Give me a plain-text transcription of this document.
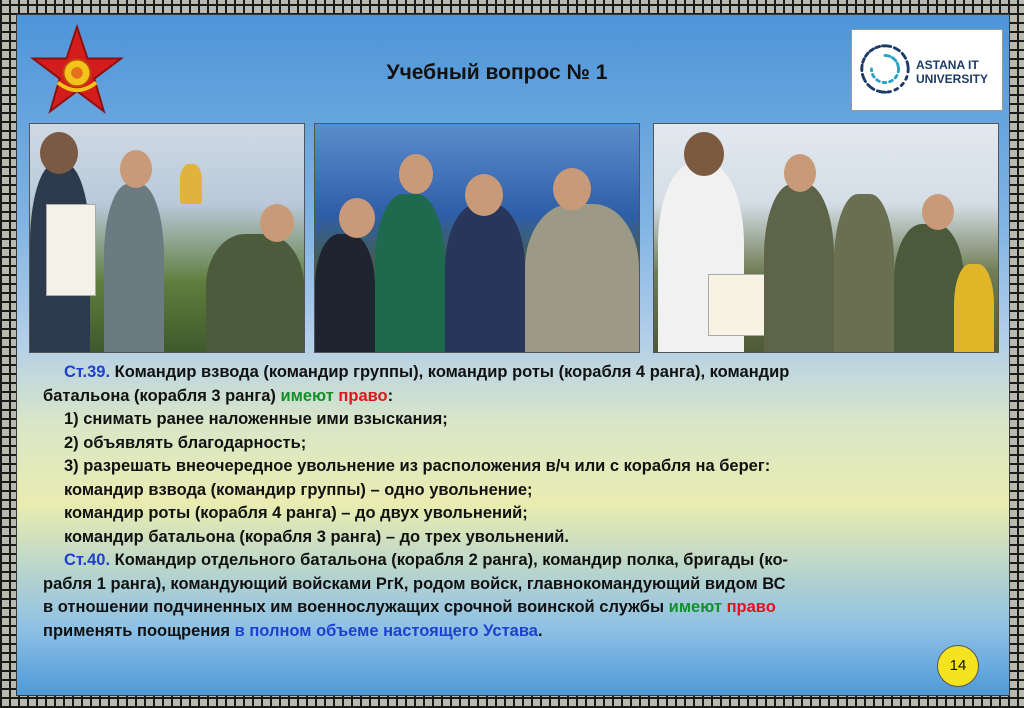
Учебный вопрос № 1	ASTANA IT
UNIVERSITY

Ст.39. Командир взвода (командир группы), командир роты (корабля 4 ранга), командир

батальона (корабля 3 ранга) имеют право:

1) снимать ранее наложенные ими взыскания;

2) объявлять благодарность;

3) разрешать внеочередное увольнение из расположения в/ч или с корабля на берег:

командир взвода (командир группы) – одно увольнение;

командир роты (корабля 4 ранга) – до двух увольнений;

командир батальона (корабля 3 ранга) – до трех увольнений.

Ст.40. Командир отдельного батальона (корабля 2 ранга), командир полка, бригады (ко-

рабля 1 ранга), командующий войсками РгК, родом войск, главнокомандующий видом ВС

в отношении подчиненных им военнослужащих срочной воинской службы имеют право

применять поощрения в полном объеме настоящего Устава.

14
